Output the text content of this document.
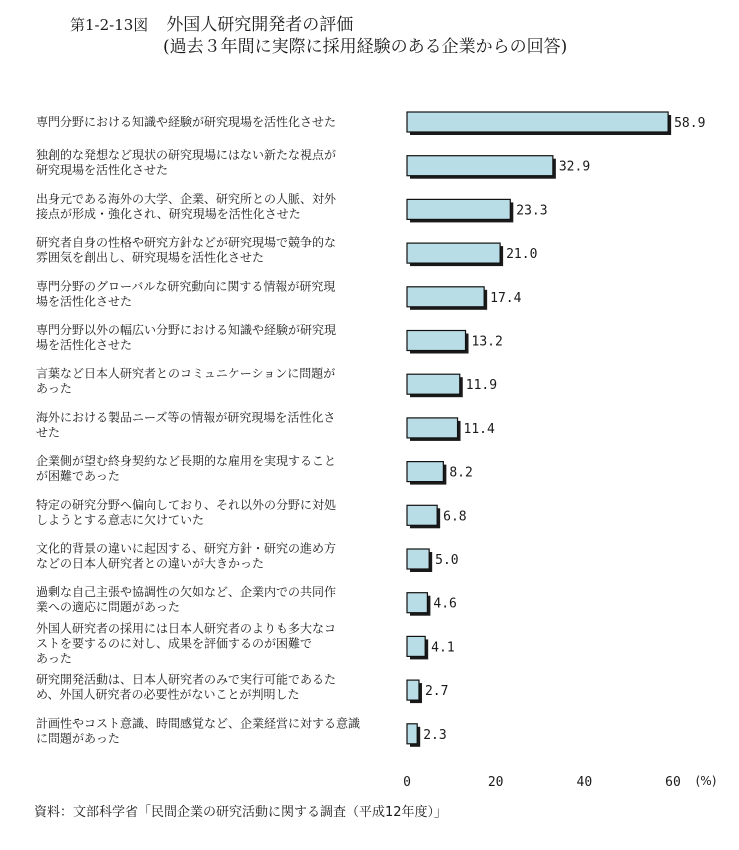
第1-2-13図 外国人研究開発者の評価
(過去３年間に実際に採用経験のある企業からの回答)
専門分野における知識や経験が研究現場を活性化させた	58.9
独創的な発想など現状の研究現場にはない新たな視点が
研究現場を活性化させた	32.9
出身元である海外の大学、企業、研究所との人脈、対外
接点が形成・強化され、研究現場を活性化させた	23.3
研究者自身の性格や研究方針などが研究現場で競争的な
雰囲気を創出し、研究現場を活性化させた	21.0
専門分野のグローバルな研究動向に関する情報が研究現
場を活性化させた	17.4
専門分野以外の幅広い分野における知識や経験が研究現
場を活性化させた	13.2
言葉など日本人研究者とのコミュニケーションに問題が
あった	11.9
海外における製品ニーズ等の情報が研究現場を活性化さ
せた	11.4
企業側が望む終身契約など長期的な雇用を実現すること
が困難であった	8.2
特定の研究分野へ偏向しており、それ以外の分野に対処
しようとする意志に欠けていた	6.8
文化的背景の違いに起因する、研究方針・研究の進め方
などの日本人研究者との違いが大きかった	5.0
過剰な自己主張や協調性の欠如など、企業内での共同作
業への適応に問題があった	4.6
外国人研究者の採用には日本人研究者のよりも多大なコ
ストを要するのに対し、成果を評価するのが困難で
あった
4.1
研究開発活動は、日本人研究者のみで実行可能であるた
め、外国人研究者の必要性がないことが判明した	2.7
計画性やコスト意識、時間感覚など、企業経営に対する意識
に問題があった	2.3
0	20	40	60 (%)
資料：文部科学省「民間企業の研究活動に関する調査（平成12年度）」
